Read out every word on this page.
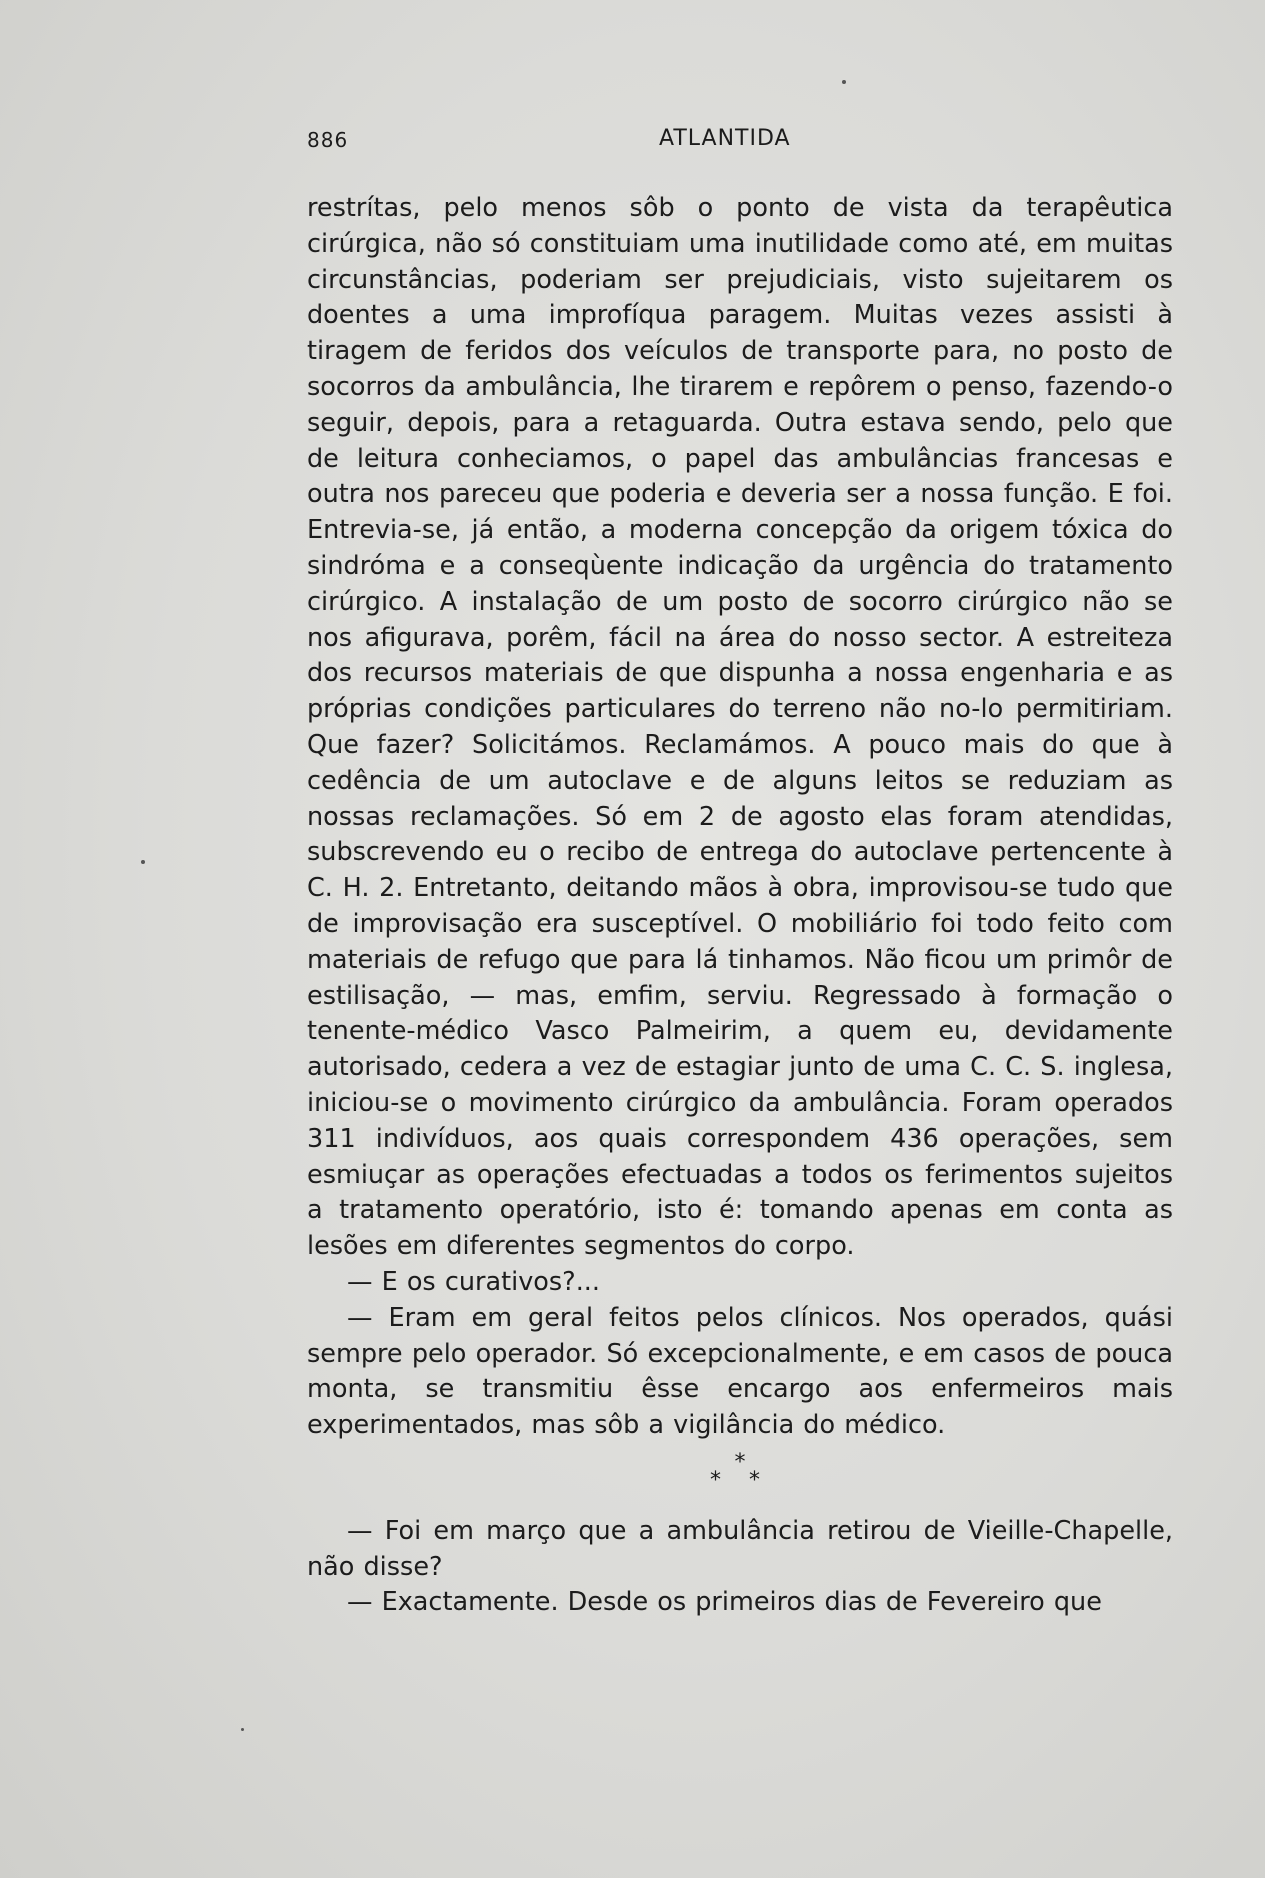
886	ATLANTIDA

restrítas, pelo menos sôb o ponto de vista da terapêutica cirúrgica, não só constituiam uma inutilidade como até, em muitas circunstâncias, poderiam ser prejudiciais, visto sujeitarem os doentes a uma improfíqua paragem. Muitas vezes assisti à tiragem de feridos dos veículos de transporte para, no posto de socorros da ambulância, lhe tirarem e repôrem o penso, fazendo-o seguir, depois, para a retaguarda. Outra estava sendo, pelo que de leitura conheciamos, o papel das ambulâncias francesas e outra nos pareceu que poderia e deveria ser a nossa função. E foi. Entrevia-se, já então, a moderna concepção da origem tóxica do sindróma e a conseqùente indicação da urgência do tratamento cirúrgico. A instalação de um posto de socorro cirúrgico não se nos afigurava, porêm, fácil na área do nosso sector. A estreiteza dos recursos materiais de que dispunha a nossa engenharia e as próprias condições particulares do terreno não no-lo permitiriam. Que fazer? Solicitámos. Reclamámos. A pouco mais do que à cedência de um autoclave e de alguns leitos se reduziam as nossas reclamações. Só em 2 de agosto elas foram atendidas, subscrevendo eu o recibo de entrega do autoclave pertencente à C. H. 2. Entretanto, deitando mãos à obra, improvisou-se tudo que de improvisação era susceptível. O mobiliário foi todo feito com materiais de refugo que para lá tinhamos. Não ficou um primôr de estilisação, — mas, emfim, serviu. Regressado à formação o tenente-médico Vasco Palmeirim, a quem eu, devidamente autorisado, cedera a vez de estagiar junto de uma C. C. S. inglesa, iniciou-se o movimento cirúrgico da ambulância. Foram operados 311 indivíduos, aos quais correspondem 436 operações, sem esmiuçar as operações efectuadas a todos os ferimentos sujeitos a tratamento operatório, isto é: tomando apenas em conta as lesões em diferentes segmentos do corpo.

— E os curativos?...

— Eram em geral feitos pelos clínicos. Nos operados, quási sempre pelo operador. Só excepcionalmente, e em casos de pouca monta, se transmitiu êsse encargo aos enfermeiros mais experimentados, mas sôb a vigilância do médico.

*
* *

— Foi em março que a ambulância retirou de Vieille-Chapelle, não disse?

— Exactamente. Desde os primeiros dias de Fevereiro que
